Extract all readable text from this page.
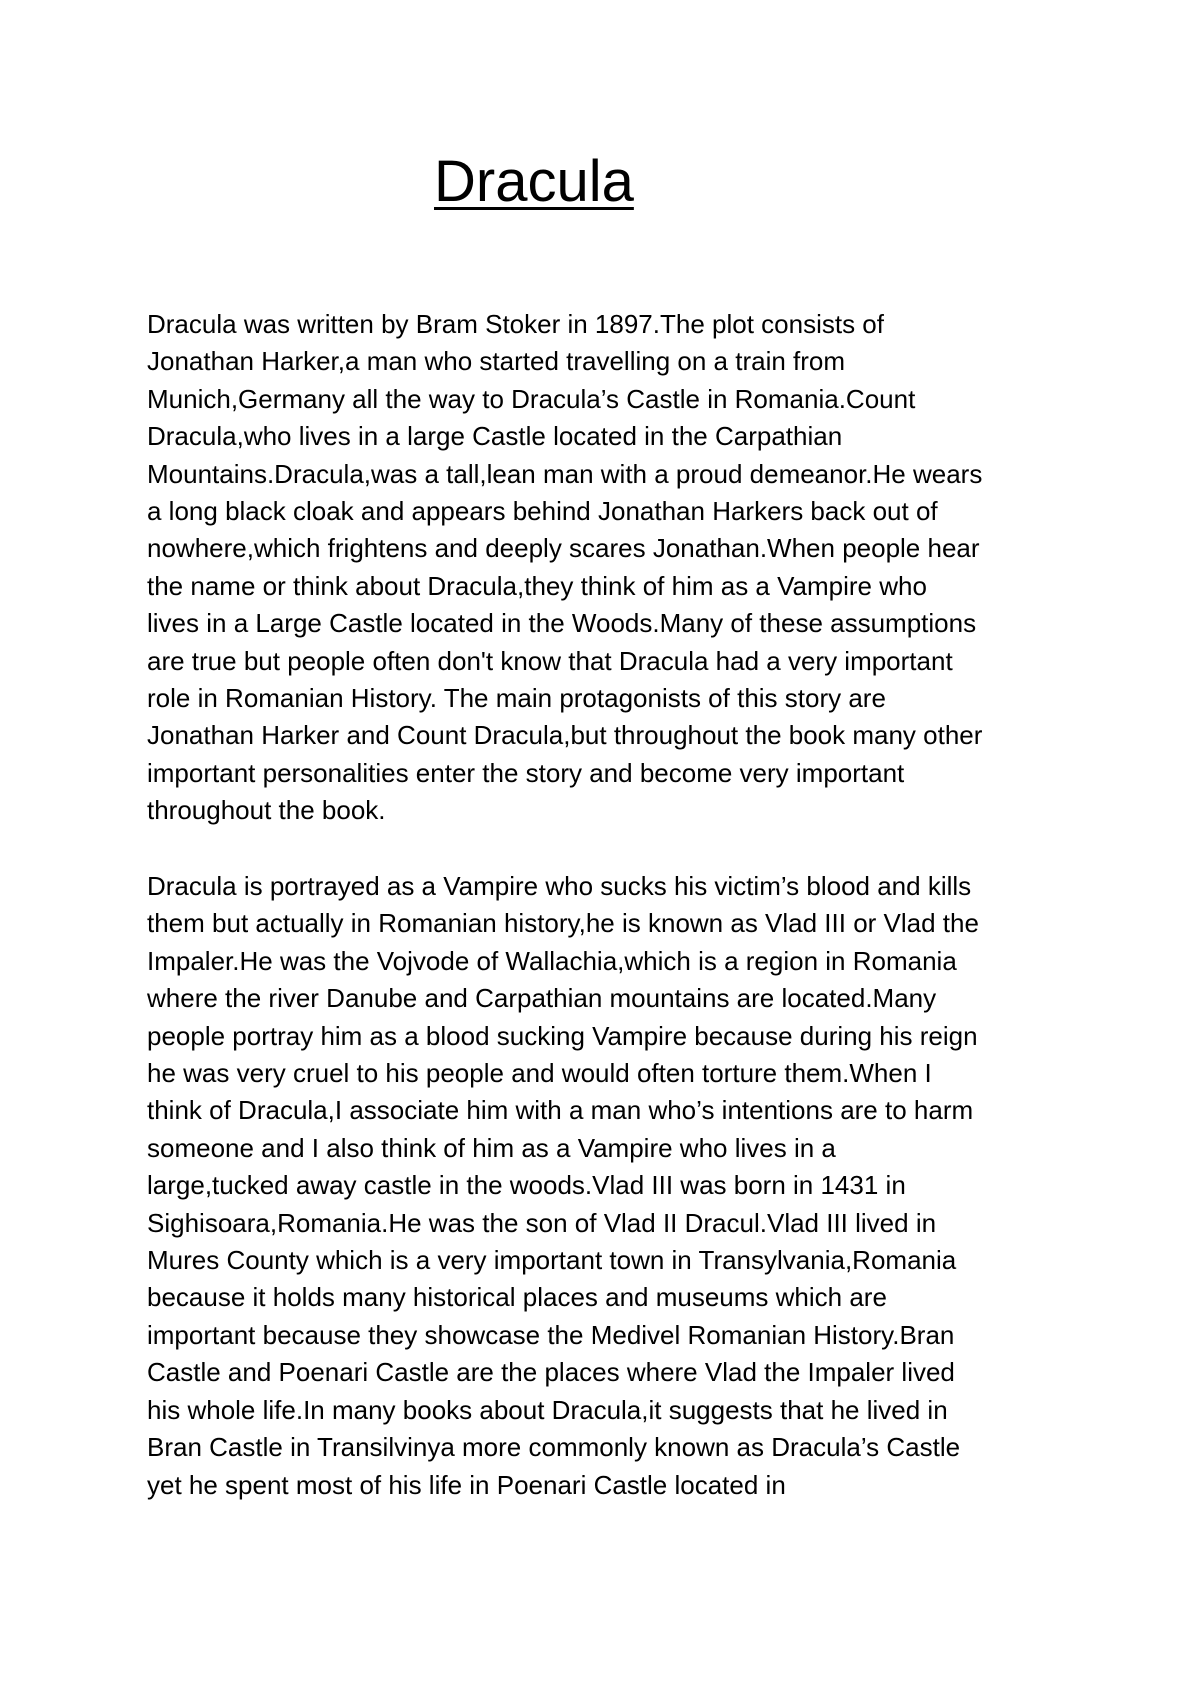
Dracula
Dracula was written by Bram Stoker in 1897.The plot consists of
Jonathan Harker,a man who started travelling on a train from
Munich,Germany all the way to Dracula’s Castle in Romania.Count
Dracula,who lives in a large Castle located in the Carpathian
Mountains.Dracula,was a tall,lean man with a proud demeanor.He wears
a long black cloak and appears behind Jonathan Harkers back out of
nowhere,which frightens and deeply scares Jonathan.When people hear
the name or think about Dracula,they think of him as a Vampire who
lives in a Large Castle located in the Woods.Many of these assumptions
are true but people often don't know that Dracula had a very important
role in Romanian History. The main protagonists of this story are
Jonathan Harker and Count Dracula,but throughout the book many other
important personalities enter the story and become very important
throughout the book.
Dracula is portrayed as a Vampire who sucks his victim’s blood and kills
them but actually in Romanian history,he is known as Vlad III or Vlad the
Impaler.He was the Vojvode of Wallachia,which is a region in Romania
where the river Danube and Carpathian mountains are located.Many
people portray him as a blood sucking Vampire because during his reign
he was very cruel to his people and would often torture them.When I
think of Dracula,I associate him with a man who’s intentions are to harm
someone and I also think of him as a Vampire who lives in a
large,tucked away castle in the woods.Vlad III was born in 1431 in
Sighisoara,Romania.He was the son of Vlad II Dracul.Vlad III lived in
Mures County which is a very important town in Transylvania,Romania
because it holds many historical places and museums which are
important because they showcase the Medivel Romanian History.Bran
Castle and Poenari Castle are the places where Vlad the Impaler lived
his whole life.In many books about Dracula,it suggests that he lived in
Bran Castle in Transilvinya more commonly known as Dracula’s Castle
yet he spent most of his life in Poenari Castle located in
